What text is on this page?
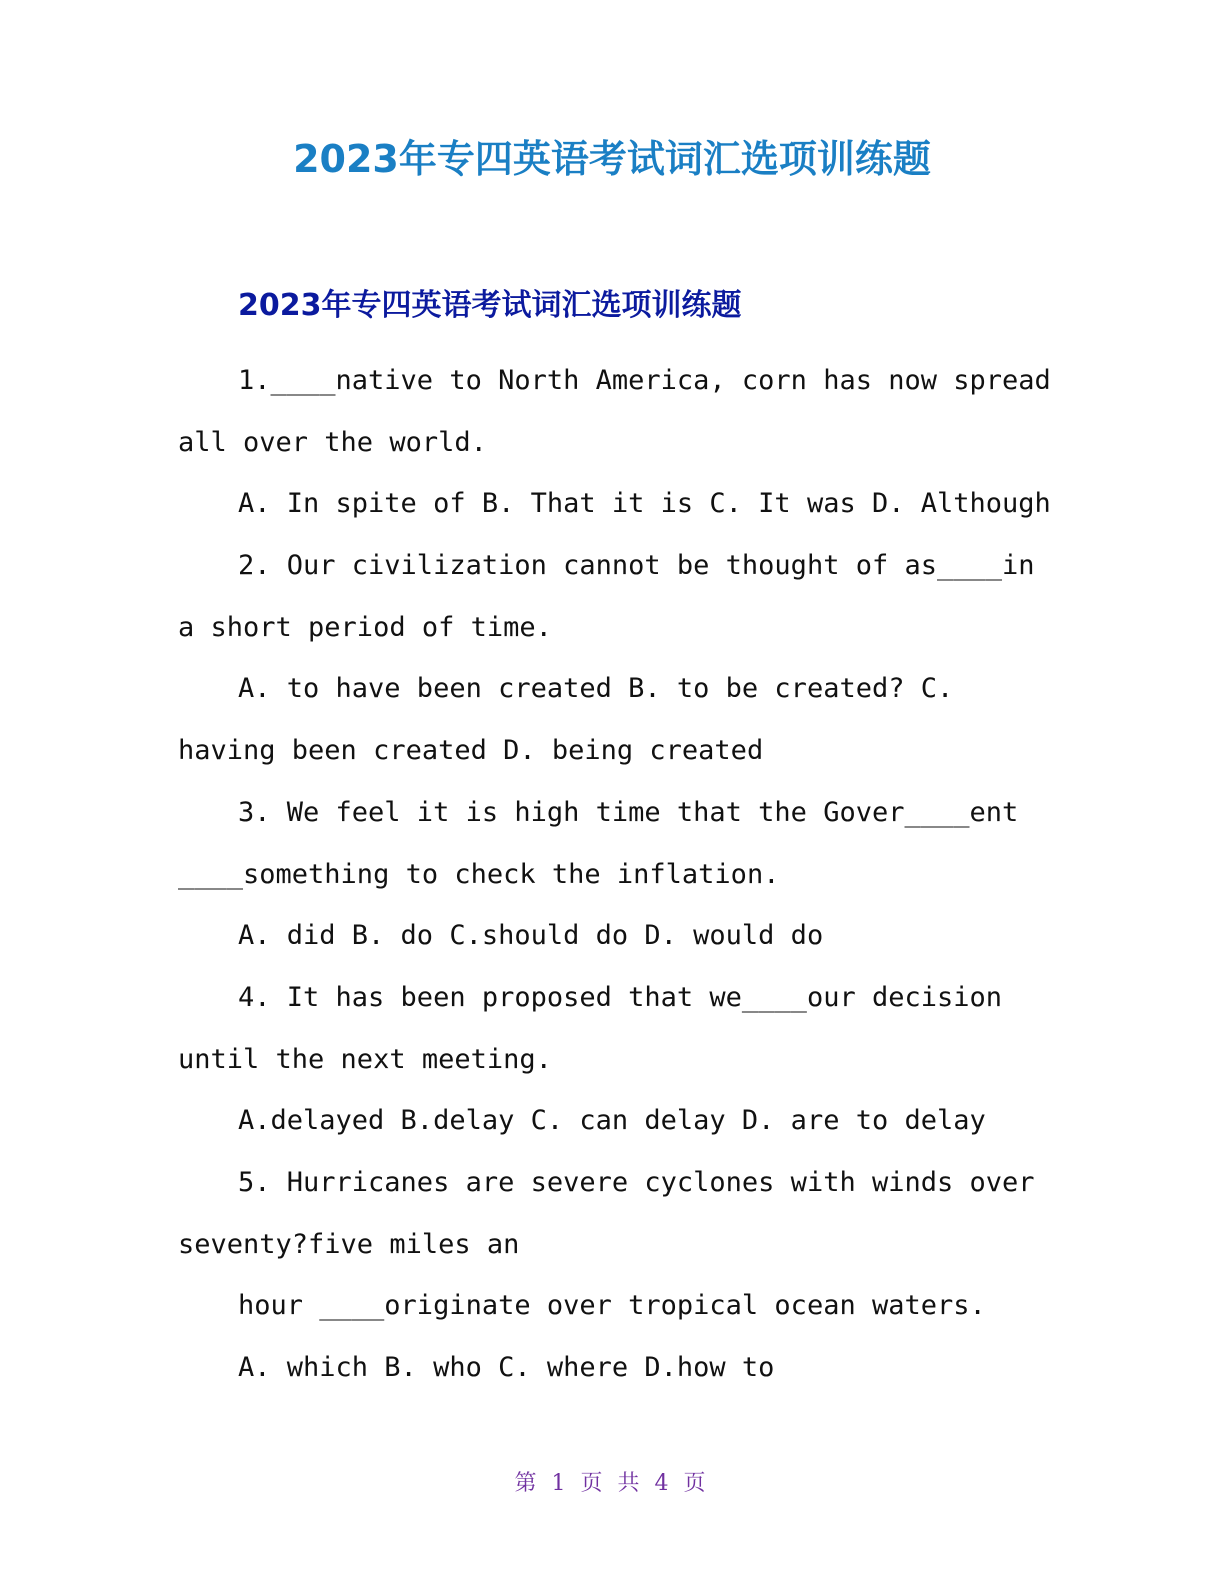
2023年专四英语考试词汇选项训练题
2023年专四英语考试词汇选项训练题
1.____native to North America, corn has now spread
all over the world.
A. In spite of B. That it is C. It was D. Although
2. Our civilization cannot be thought of as____in
a short period of time.
A. to have been created B. to be created? C.
having been created D. being created
3. We feel it is high time that the Gover____ent
____something to check the inflation.
A. did B. do C.should do D. would do
4. It has been proposed that we____our decision
until the next meeting.
A.delayed B.delay C. can delay D. are to delay
5. Hurricanes are severe cyclones with winds over
seventy?five miles an
hour ____originate over tropical ocean waters.
A. which B. who C. where D.how to
第 1 页 共 4 页
